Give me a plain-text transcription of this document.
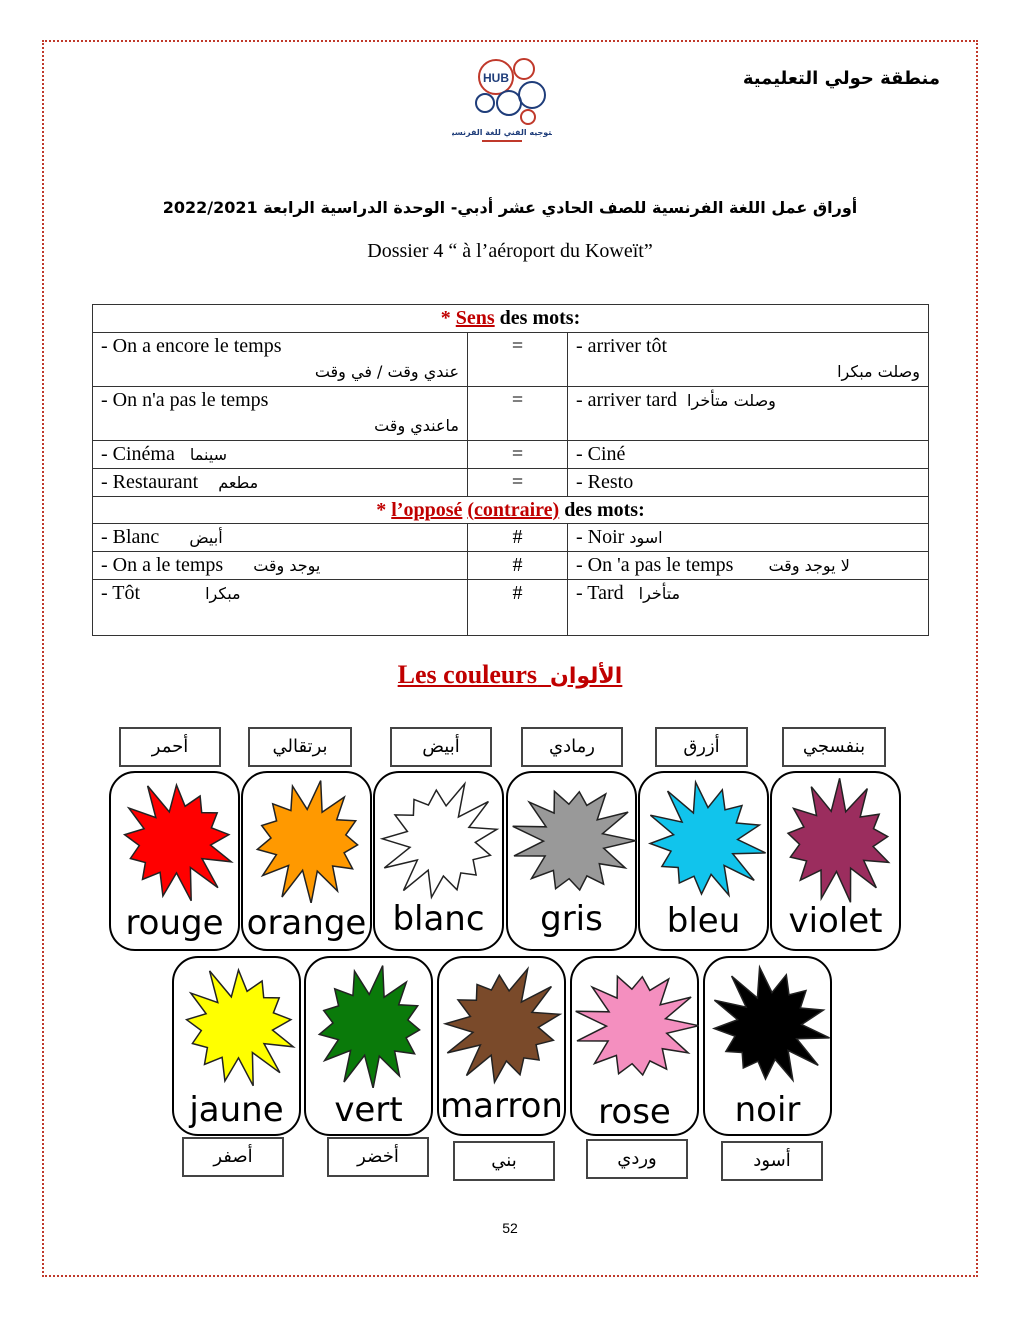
منطقة حولي التعليمية
HUB
التوجيه الفني للغة الفرنسية
أوراق عمل اللغة الفرنسية للصف الحادي عشر أدبي- الوحدة الدراسية الرابعة 2022/2021
Dossier 4 “ à l’aéroport du Koweït”
* Sens des mots:		
- On a encore le temps
عندي وقت / في وقت	=	- arriver tôt
وصلت مبكرا

- On n'a pas le temps
ماعندي وقت	=	- arriver tard وصلت متأخرا
- Cinéma سينما	=	- Ciné
- Restaurant مطعم	=	- Resto
* l’opposé (contraire) des mots:		
- Blanc أبيض	#	- Noir اسود
- On a le temps يوجد وقت	#	- On 'a pas le temps لا يوجد وقت
- Tôt مبكرا	#	- Tard متأخرا
Les couleurs الألوان
أحمر	برتقالي	أبيض	رمادي	أزرق	بنفسجي
rouge orange blanc	gris	bleu	violet
jaune	vert	marron	rose	noir
أصفر	أخضر	بني	وردي	أسود
52
